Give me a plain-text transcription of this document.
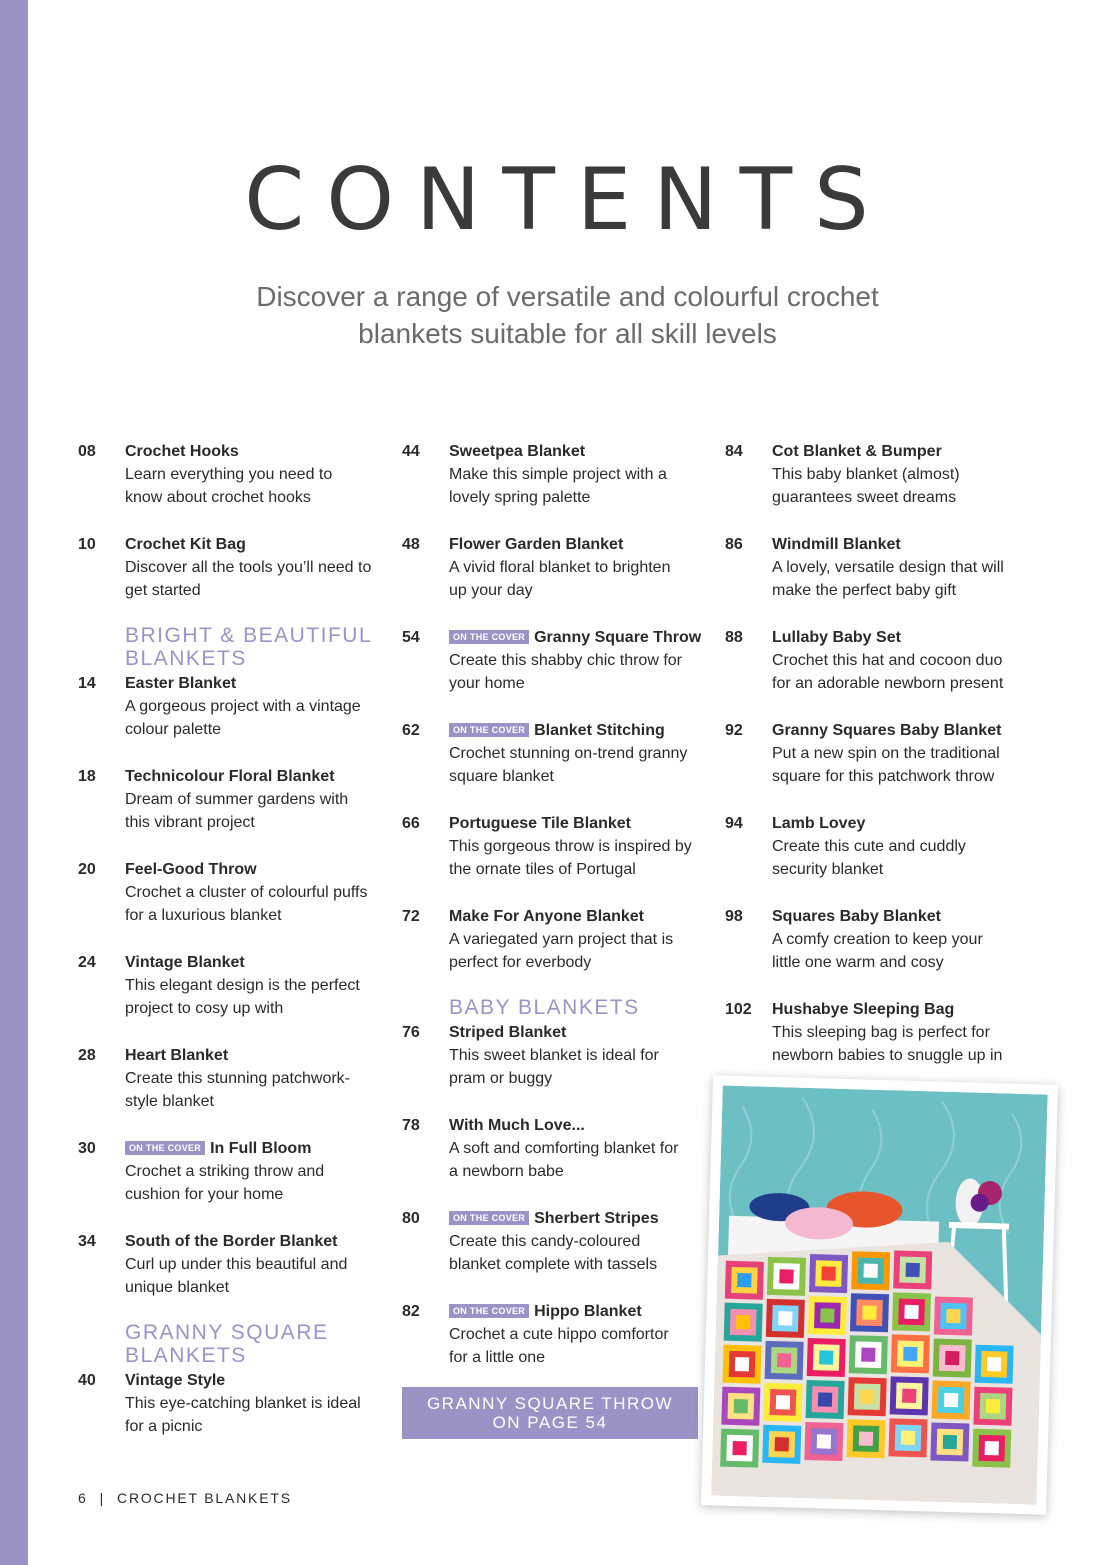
CONTENTS
Discover a range of versatile and colourful crochet
blankets suitable for all skill levels
08 Crochet Hooks
Learn everything you need to
know about crochet hooks
10 Crochet Kit Bag
Discover all the tools you’ll need to
get started
BRIGHT & BEAUTIFUL
BLANKETS
14 Easter Blanket
A gorgeous project with a vintage
colour palette
18 Technicolour Floral Blanket
Dream of summer gardens with
this vibrant project
20 Feel-Good Throw
Crochet a cluster of colourful puffs
for a luxurious blanket
24 Vintage Blanket
This elegant design is the perfect
project to cosy up with
28 Heart Blanket
Create this stunning patchwork-
style blanket
30	ON THE COVER In Full Bloom
Crochet a striking throw and
cushion for your home
34 South of the Border Blanket
Curl up under this beautiful and
unique blanket
GRANNY SQUARE
BLANKETS
40 Vintage Style
This eye-catching blanket is ideal
for a picnic
44 Sweetpea Blanket
Make this simple project with a
lovely spring palette
48 Flower Garden Blanket
A vivid floral blanket to brighten
up your day
54	ON THE COVER Granny Square Throw
Create this shabby chic throw for
your home
62	ON THE COVER Blanket Stitching
Crochet stunning on-trend granny
square blanket
66 Portuguese Tile Blanket
This gorgeous throw is inspired by
the ornate tiles of Portugal
72 Make For Anyone Blanket
A variegated yarn project that is
perfect for everbody
BABY BLANKETS
76 Striped Blanket
This sweet blanket is ideal for
pram or buggy
78 With Much Love...
A soft and comforting blanket for
a newborn babe
80	ON THE COVER Sherbert Stripes
Create this candy-coloured
blanket complete with tassels
82	ON THE COVER Hippo Blanket
Crochet a cute hippo comfortor
for a little one
GRANNY SQUARE THROW
ON PAGE 54
84 Cot Blanket & Bumper
This baby blanket (almost)
guarantees sweet dreams
86 Windmill Blanket
A lovely, versatile design that will
make the perfect baby gift
88 Lullaby Baby Set
Crochet this hat and cocoon duo
for an adorable newborn present
92 Granny Squares Baby Blanket
Put a new spin on the traditional
square for this patchwork throw
94 Lamb Lovey
Create this cute and cuddly
security blanket
98 Squares Baby Blanket
A comfy creation to keep your
little one warm and cosy
102 Hushabye Sleeping Bag
This sleeping bag is perfect for
newborn babies to snuggle up in
6 | CROCHET BLANKETS
